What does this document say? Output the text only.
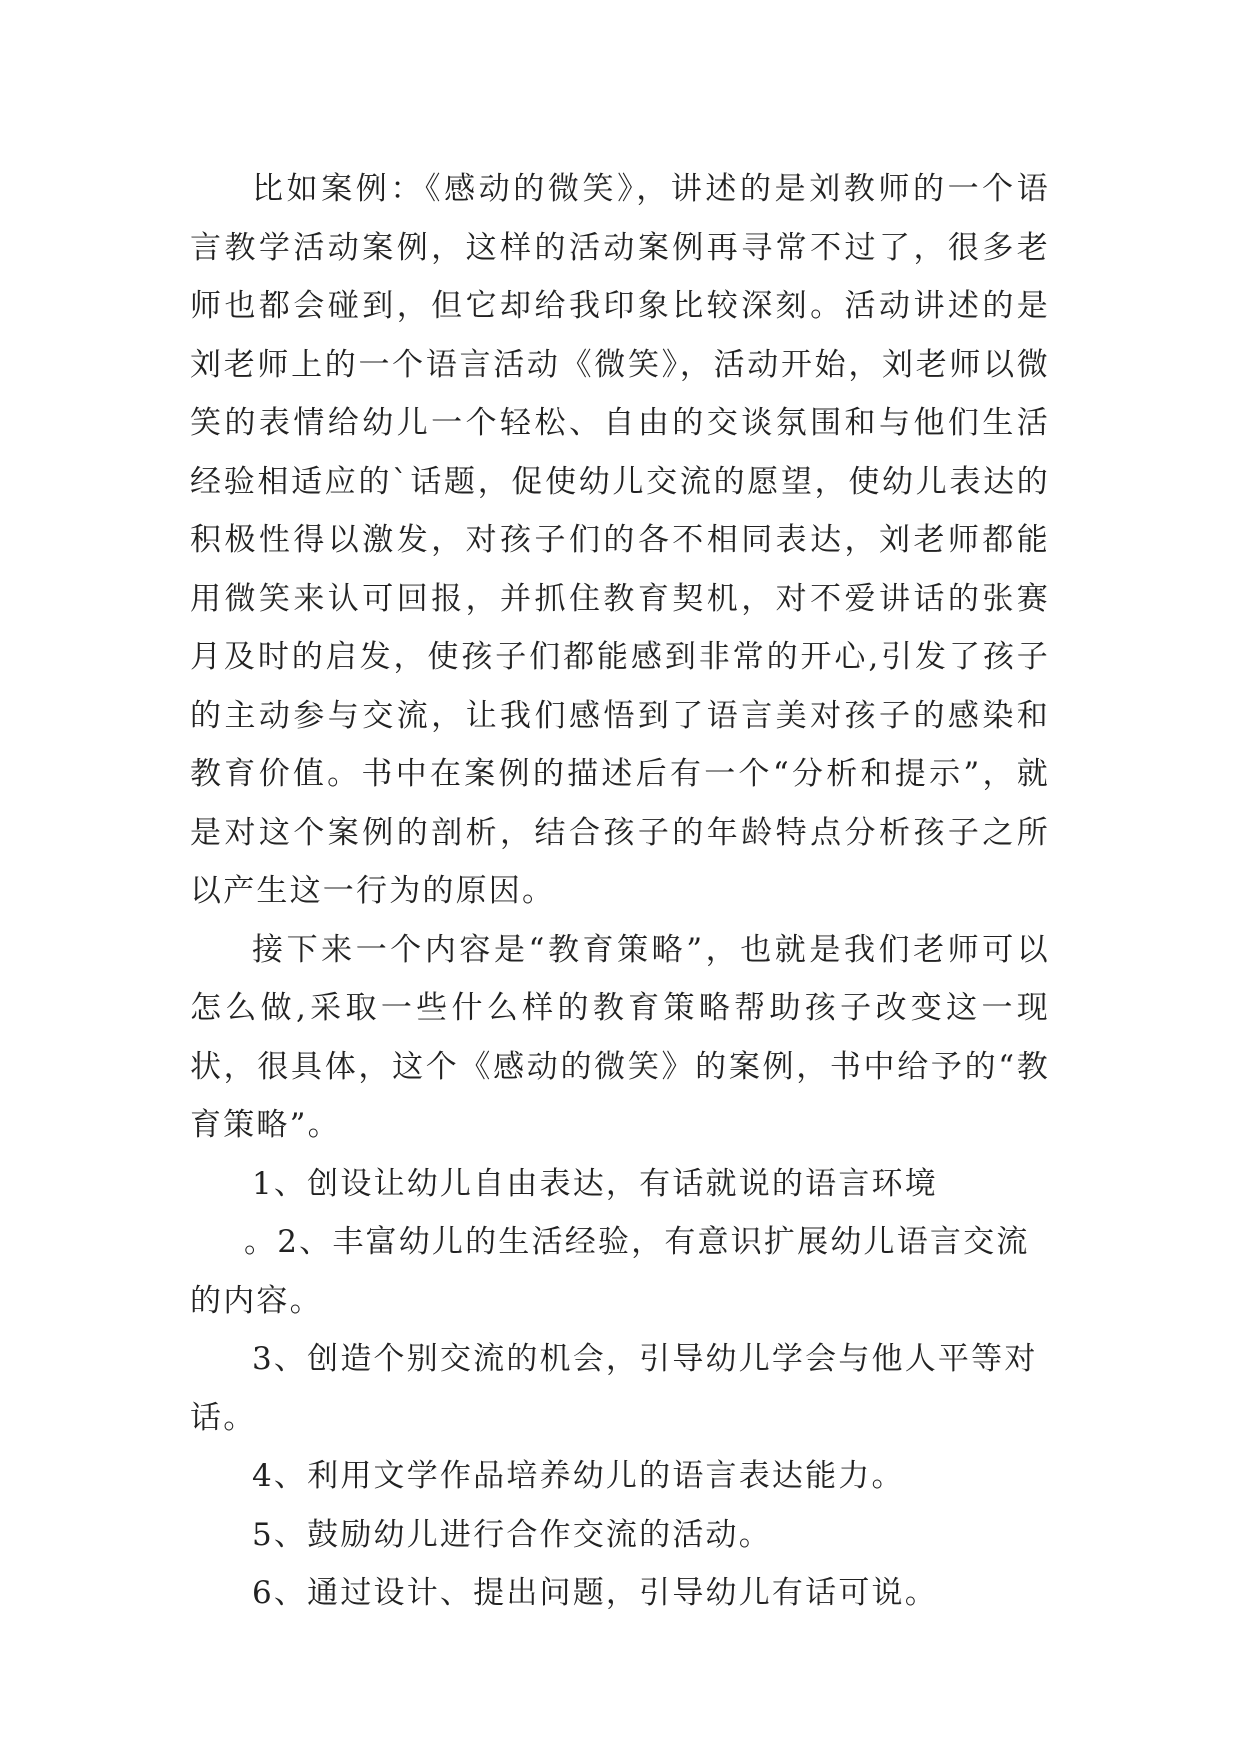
比如案例：《感动的微笑》，讲述的是刘教师的一个语言教学活动案例，这样的活动案例再寻常不过了，很多老师也都会碰到，但它却给我印象比较深刻。活动讲述的是刘老师上的一个语言活动《微笑》，活动开始，刘老师以微笑的表情给幼儿一个轻松、自由的交谈氛围和与他们生活经验相适应的`话题，促使幼儿交流的愿望，使幼儿表达的积极性得以激发，对孩子们的各不相同表达，刘老师都能用微笑来认可回报，并抓住教育契机，对不爱讲话的张赛月及时的启发，使孩子们都能感到非常的开心,引发了孩子的主动参与交流，让我们感悟到了语言美对孩子的感染和教育价值。书中在案例的描述后有一个“分析和提示”，就是对这个案例的剖析，结合孩子的年龄特点分析孩子之所以产生这一行为的原因。

接下来一个内容是“教育策略”，也就是我们老师可以怎么做,采取一些什么样的教育策略帮助孩子改变这一现状，很具体，这个《感动的微笑》的案例，书中给予的“教育策略”。

1、创设让幼儿自由表达，有话就说的语言环境

。2、丰富幼儿的生活经验，有意识扩展幼儿语言交流的内容。

3、创造个别交流的机会，引导幼儿学会与他人平等对话。

4、利用文学作品培养幼儿的语言表达能力。

5、鼓励幼儿进行合作交流的活动。

6、通过设计、提出问题，引导幼儿有话可说。
